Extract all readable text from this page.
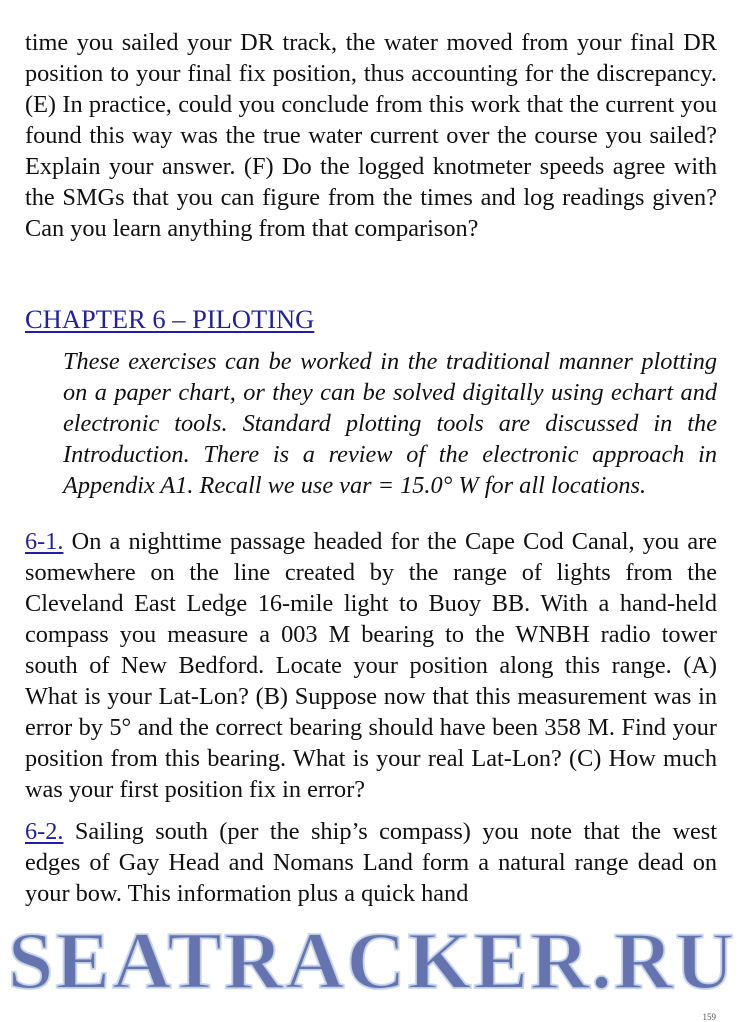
time you sailed your DR track, the water moved from your final DR position to your final fix position, thus accounting for the discrepancy. (E) In practice, could you conclude from this work that the current you found this way was the true water current over the course you sailed? Explain your answer. (F) Do the logged knotmeter speeds agree with the SMGs that you can figure from the times and log readings given? Can you learn anything from that comparison?

CHAPTER 6 – PILOTING

These exercises can be worked in the traditional manner plotting on a paper chart, or they can be solved digitally using echart and electronic tools. Standard plotting tools are discussed in the Introduction. There is a review of the electronic approach in Appendix A1. Recall we use var = 15.0° W for all locations.

6-1. On a nighttime passage headed for the Cape Cod Canal, you are somewhere on the line created by the range of lights from the Cleveland East Ledge 16-mile light to Buoy BB. With a hand-held compass you measure a 003 M bearing to the WNBH radio tower south of New Bedford. Locate your position along this range. (A) What is your Lat-Lon? (B) Suppose now that this measurement was in error by 5° and the correct bearing should have been 358 M. Find your position from this bearing. What is your real Lat-Lon? (C) How much was your first position fix in error?

6-2. Sailing south (per the ship’s compass) you note that the west edges of Gay Head and Nomans Land form a natural range dead on your bow. This information plus a quick hand

SEATRACKER.RU
159
